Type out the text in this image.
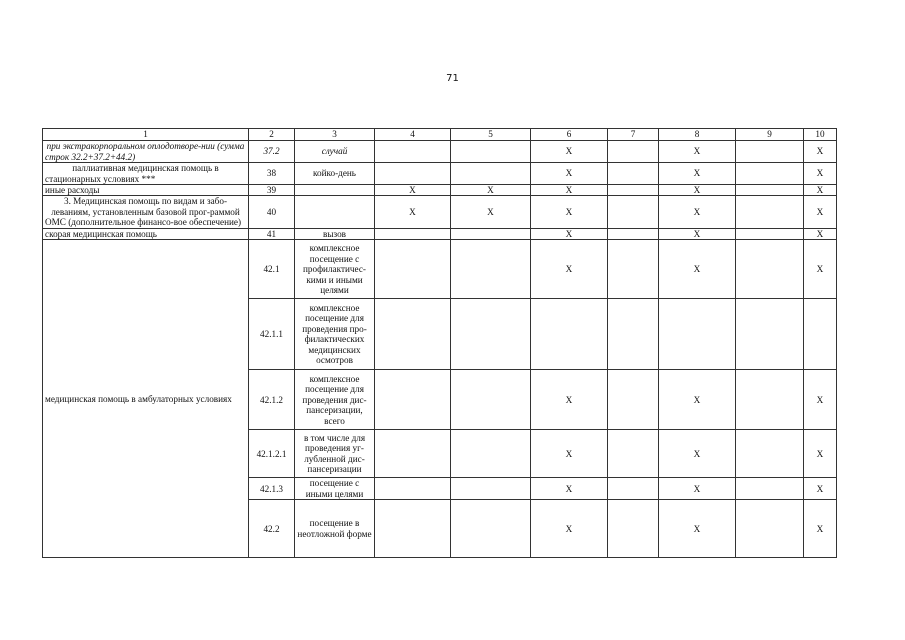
71
1	2	3	4	5	6	7	8	9	10
при экстракорпоральном оплодотворе-нии (сумма строк 32.2+37.2+44.2)	37.2	случай			X		X		X
паллиативная медицинская помощь в стационарных условиях ***	38	койко-день			X		X		X
иные расходы	39		X	X	X		X		X
3. Медицинская помощь по видам и забо-леваниям, установленным базовой прог-раммой ОМС (дополнительное финансо-вое обеспечение)	40		X	X	X		X		X
скорая медицинская помощь	41	вызов			X		X		X
медицинская помощь в амбулаторных условиях	42.1	комплексное посещение с профилактичес-кими и иными целями			X		X		X
	42.1.1	комплексное посещение для проведения про-филактических медицинских осмотров							
	42.1.2	комплексное посещение для проведения дис-пансеризации, всего			X		X		X
	42.1.2.1	в том числе для проведения уг-лубленной дис-пансеризации			X		X		X
	42.1.3	посещение с иными целями			X		X		X
	42.2	посещение в неотложной форме			X		X		X
